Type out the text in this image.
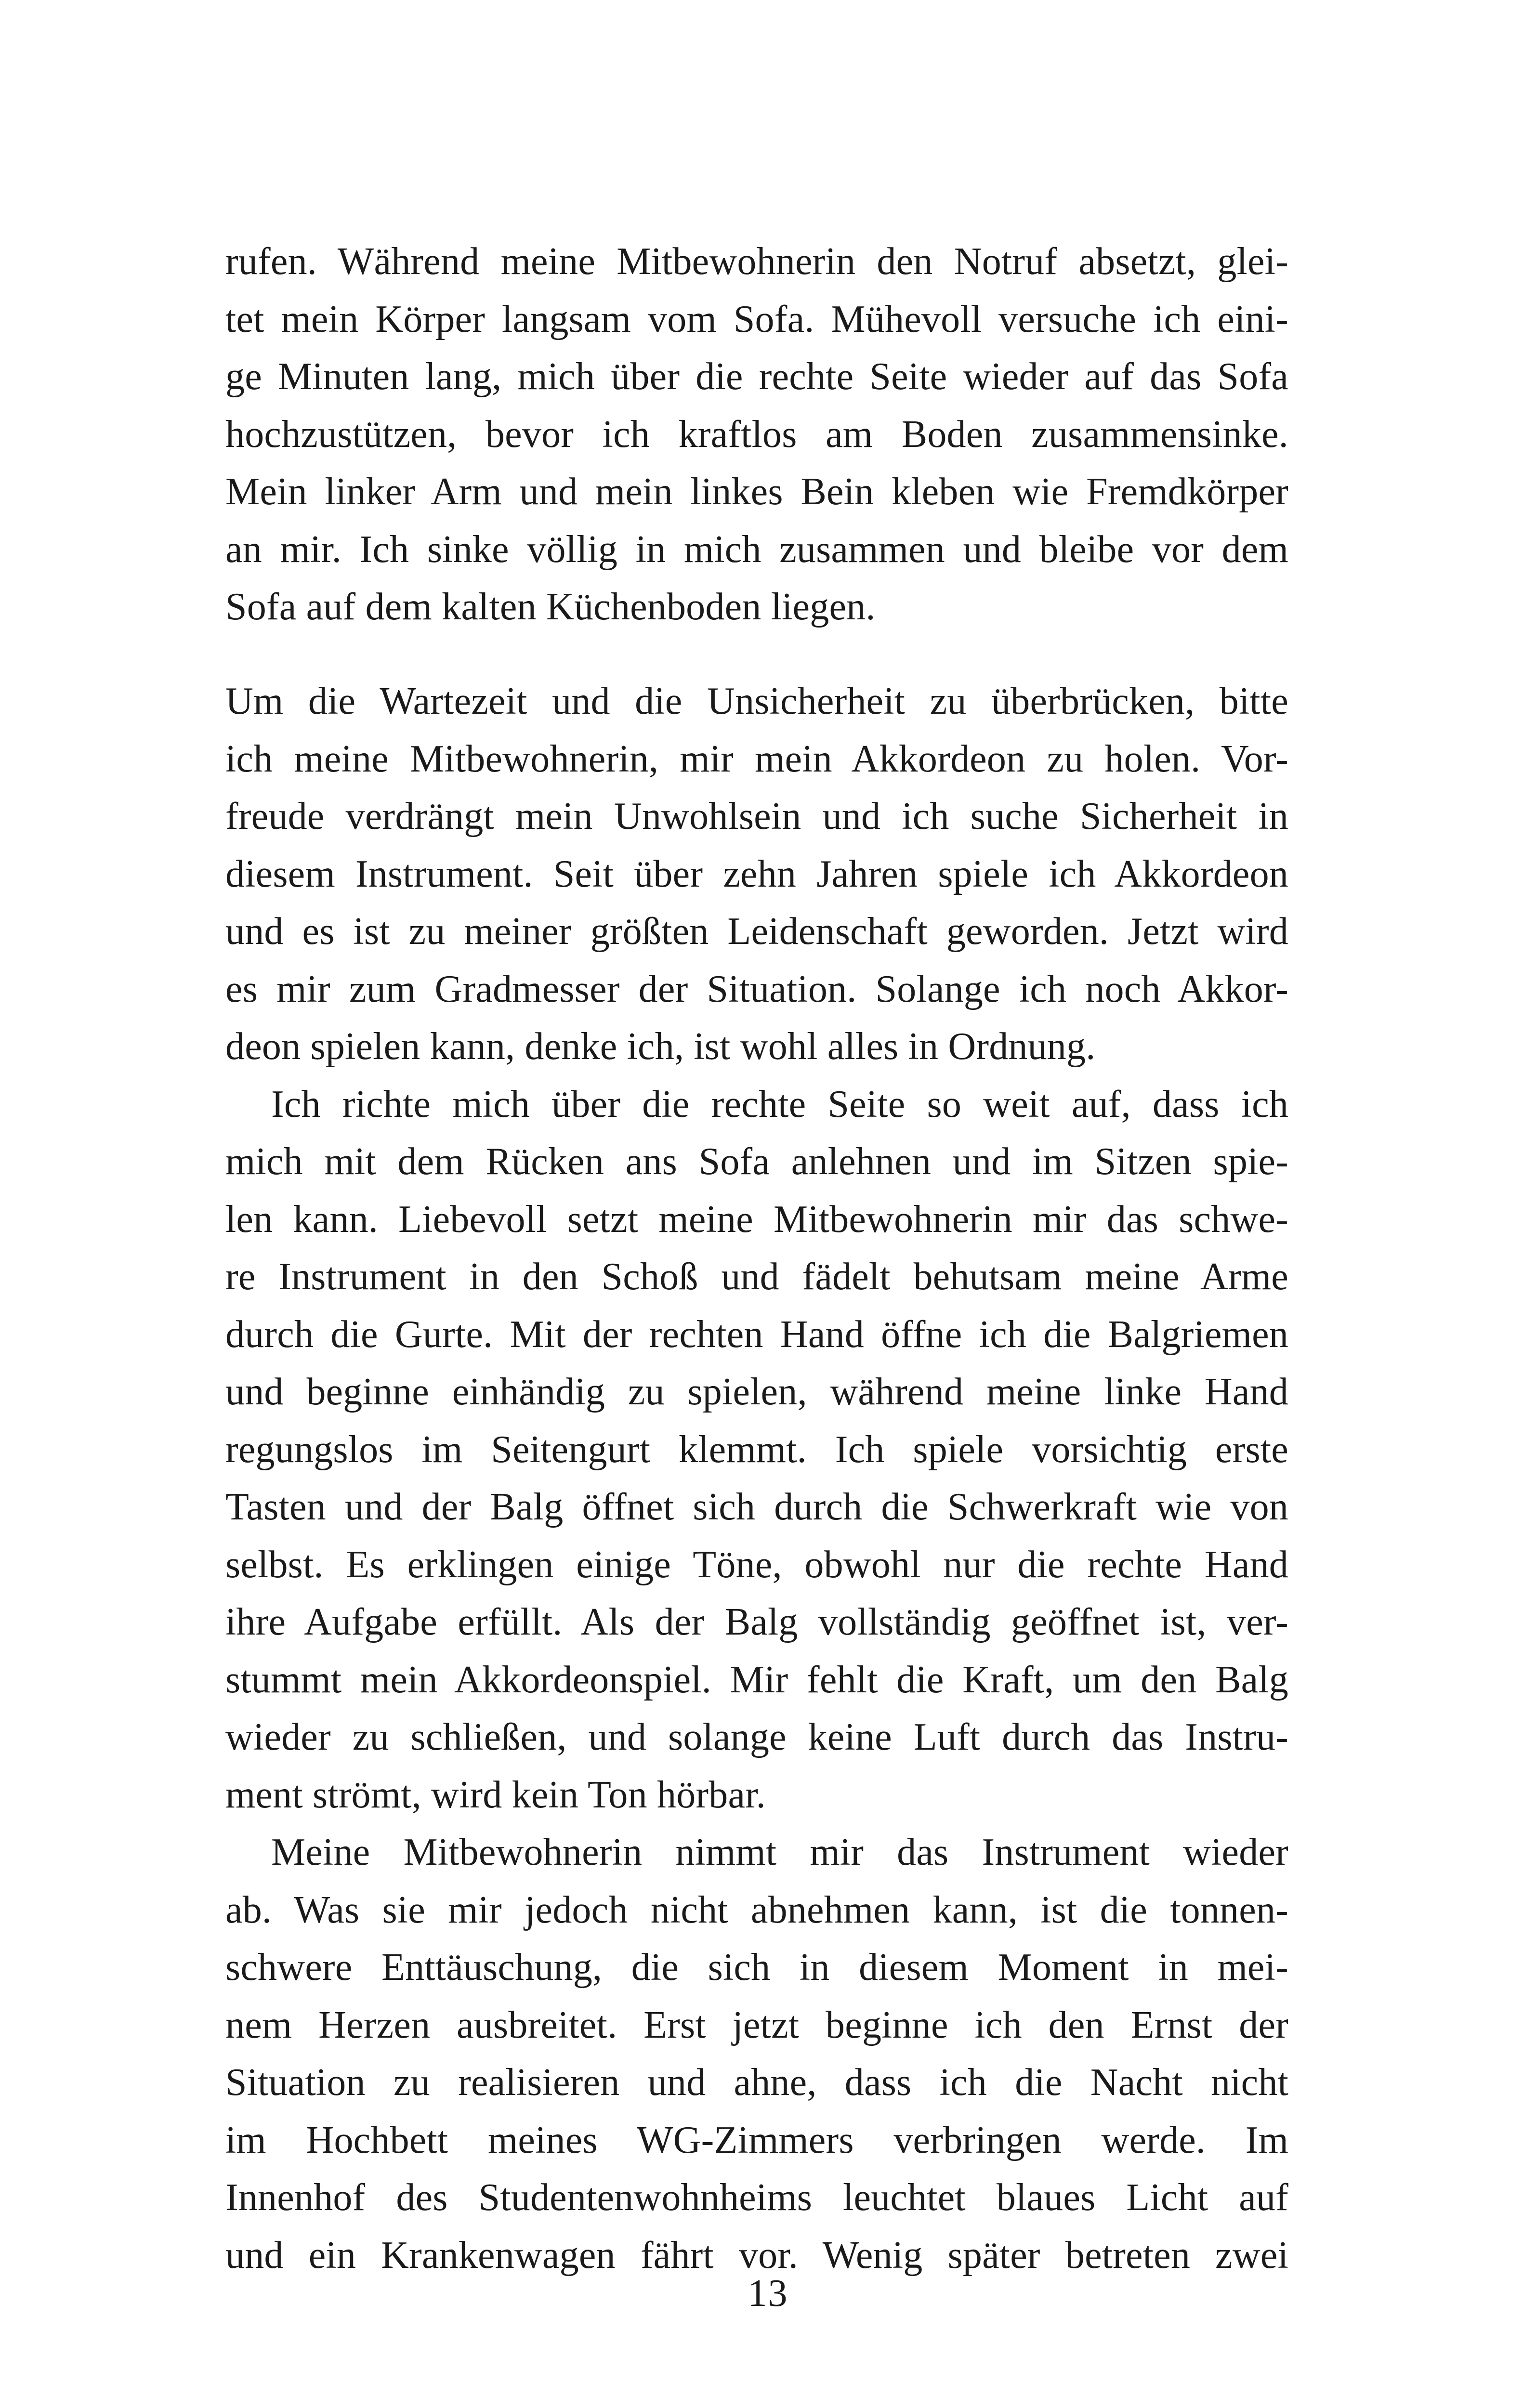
rufen. Während meine Mitbewohnerin den Notruf absetzt, glei-
tet mein Körper langsam vom Sofa. Mühevoll versuche ich eini-
ge Minuten lang, mich über die rechte Seite wieder auf das Sofa
hochzustützen, bevor ich kraftlos am Boden zusammensinke.
Mein linker Arm und mein linkes Bein kleben wie Fremdkörper
an mir. Ich sinke völlig in mich zusammen und bleibe vor dem
Sofa auf dem kalten Küchenboden liegen.
Um die Wartezeit und die Unsicherheit zu überbrücken, bitte
ich meine Mitbewohnerin, mir mein Akkordeon zu holen. Vor-
freude verdrängt mein Unwohlsein und ich suche Sicherheit in
diesem Instrument. Seit über zehn Jahren spiele ich Akkordeon
und es ist zu meiner größten Leidenschaft geworden. Jetzt wird
es mir zum Gradmesser der Situation. Solange ich noch Akkor-
deon spielen kann, denke ich, ist wohl alles in Ordnung.
Ich richte mich über die rechte Seite so weit auf, dass ich
mich mit dem Rücken ans Sofa anlehnen und im Sitzen spie-
len kann. Liebevoll setzt meine Mitbewohnerin mir das schwe-
re Instrument in den Schoß und fädelt behutsam meine Arme
durch die Gurte. Mit der rechten Hand öffne ich die Balgriemen
und beginne einhändig zu spielen, während meine linke Hand
regungslos im Seitengurt klemmt. Ich spiele vorsichtig erste
Tasten und der Balg öffnet sich durch die Schwerkraft wie von
selbst. Es erklingen einige Töne, obwohl nur die rechte Hand
ihre Aufgabe erfüllt. Als der Balg vollständig geöffnet ist, ver-
stummt mein Akkordeonspiel. Mir fehlt die Kraft, um den Balg
wieder zu schließen, und solange keine Luft durch das Instru-
ment strömt, wird kein Ton hörbar.
Meine Mitbewohnerin nimmt mir das Instrument wieder
ab. Was sie mir jedoch nicht abnehmen kann, ist die tonnen-
schwere Enttäuschung, die sich in diesem Moment in mei-
nem Herzen ausbreitet. Erst jetzt beginne ich den Ernst der
Situation zu realisieren und ahne, dass ich die Nacht nicht
im Hochbett meines WG-Zimmers verbringen werde. Im
Innenhof des Studentenwohnheims leuchtet blaues Licht auf
und ein Krankenwagen fährt vor. Wenig später betreten zwei
13
